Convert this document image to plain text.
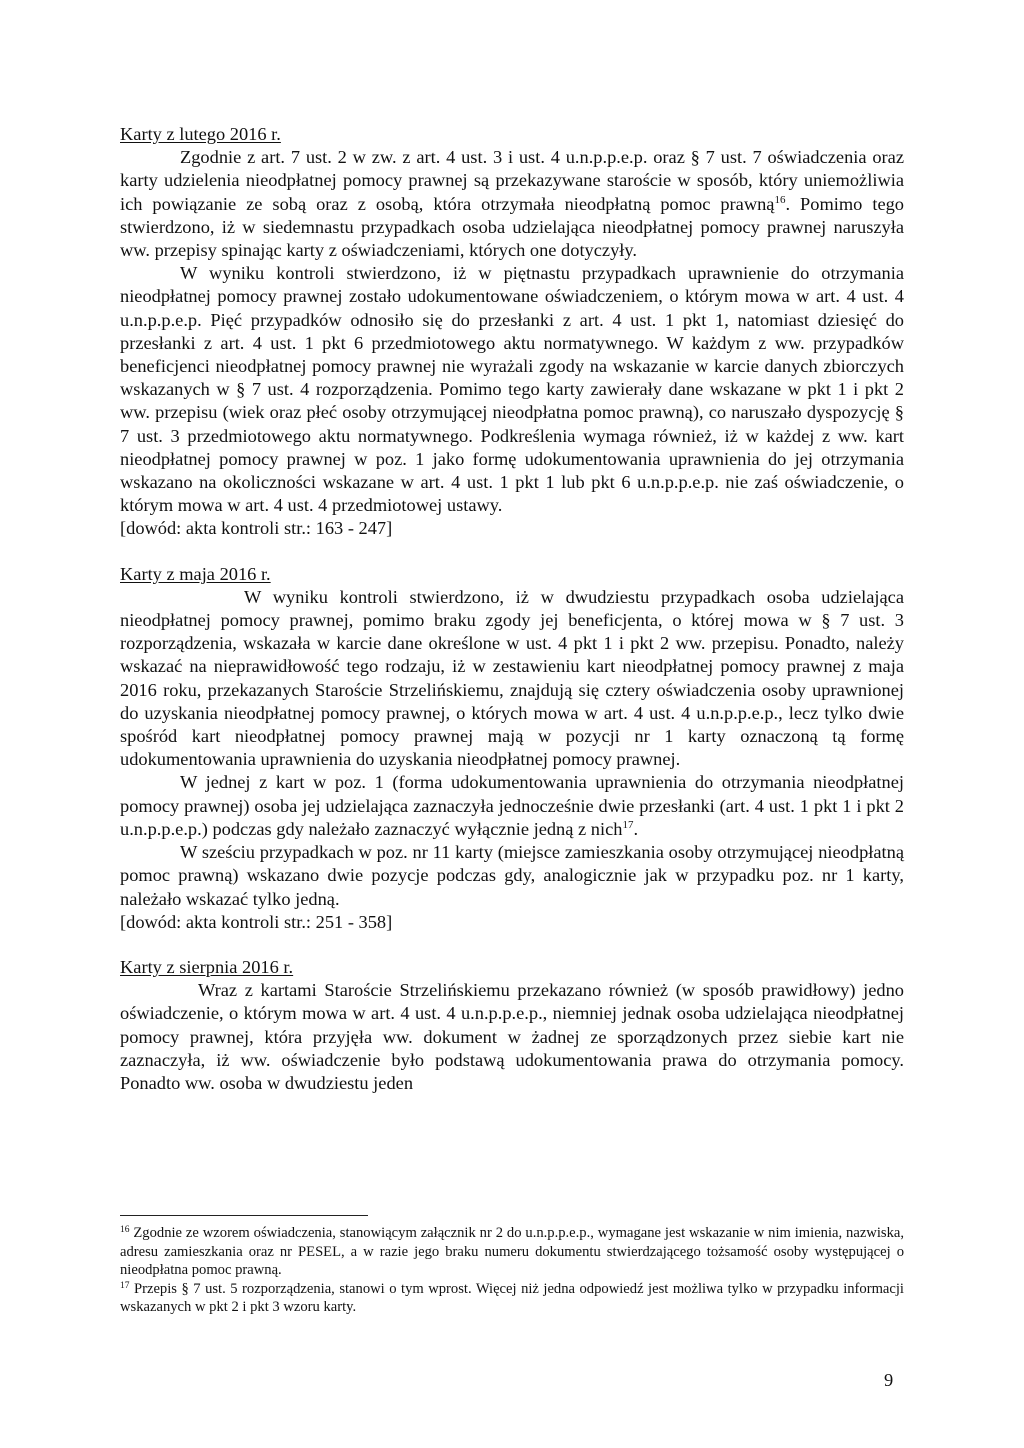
Karty z lutego 2016 r.

Zgodnie z art. 7 ust. 2 w zw. z art. 4 ust. 3 i ust. 4 u.n.p.p.e.p. oraz § 7 ust. 7 oświadczenia oraz karty udzielenia nieodpłatnej pomocy prawnej są przekazywane staroście w sposób, który uniemożliwia ich powiązanie ze sobą oraz z osobą, która otrzymała nieodpłatną pomoc prawną$^{16}$. Pomimo tego stwierdzono, iż w siedemnastu przypadkach osoba udzielająca nieodpłatnej pomocy prawnej naruszyła ww. przepisy spinając karty z oświadczeniami, których one dotyczyły.

W wyniku kontroli stwierdzono, iż w piętnastu przypadkach uprawnienie do otrzymania nieodpłatnej pomocy prawnej zostało udokumentowane oświadczeniem, o którym mowa w art. 4 ust. 4 u.n.p.p.e.p. Pięć przypadków odnosiło się do przesłanki z art. 4 ust. 1 pkt 1, natomiast dziesięć do przesłanki z art. 4 ust. 1 pkt 6 przedmiotowego aktu normatywnego. W każdym z ww. przypadków beneficjenci nieodpłatnej pomocy prawnej nie wyrażali zgody na wskazanie w karcie danych zbiorczych wskazanych w § 7 ust. 4 rozporządzenia. Pomimo tego karty zawierały dane wskazane w pkt 1 i pkt 2 ww. przepisu (wiek oraz płeć osoby otrzymującej nieodpłatna pomoc prawną), co naruszało dyspozycję § 7 ust. 3 przedmiotowego aktu normatywnego. Podkreślenia wymaga również, iż w każdej z ww. kart nieodpłatnej pomocy prawnej w poz. 1 jako formę udokumentowania uprawnienia do jej otrzymania wskazano na okoliczności wskazane w art. 4 ust. 1 pkt 1 lub pkt 6 u.n.p.p.e.p. nie zaś oświadczenie, o którym mowa w art. 4 ust. 4 przedmiotowej ustawy.

[dowód: akta kontroli str.: 163 - 247]

Karty z maja 2016 r.

W wyniku kontroli stwierdzono, iż w dwudziestu przypadkach osoba udzielająca nieodpłatnej pomocy prawnej, pomimo braku zgody jej beneficjenta, o której mowa w § 7 ust. 3 rozporządzenia, wskazała w karcie dane określone w ust. 4 pkt 1 i pkt 2 ww. przepisu. Ponadto, należy wskazać na nieprawidłowość tego rodzaju, iż w zestawieniu kart nieodpłatnej pomocy prawnej z maja 2016 roku, przekazanych Staroście Strzelińskiemu, znajdują się cztery oświadczenia osoby uprawnionej do uzyskania nieodpłatnej pomocy prawnej, o których mowa w art. 4 ust. 4 u.n.p.p.e.p., lecz tylko dwie spośród kart nieodpłatnej pomocy prawnej mają w pozycji nr 1 karty oznaczoną tą formę udokumentowania uprawnienia do uzyskania nieodpłatnej pomocy prawnej.

W jednej z kart w poz. 1 (forma udokumentowania uprawnienia do otrzymania nieodpłatnej pomocy prawnej) osoba jej udzielająca zaznaczyła jednocześnie dwie przesłanki (art. 4 ust. 1 pkt 1 i pkt 2 u.n.p.p.e.p.) podczas gdy należało zaznaczyć wyłącznie jedną z nich$^{17}$.

W sześciu przypadkach w poz. nr 11 karty (miejsce zamieszkania osoby otrzymującej nieodpłatną pomoc prawną) wskazano dwie pozycje podczas gdy, analogicznie jak w przypadku poz. nr 1 karty, należało wskazać tylko jedną.

[dowód: akta kontroli str.: 251 - 358]

Karty z sierpnia 2016 r.

Wraz z kartami Staroście Strzelińskiemu przekazano również (w sposób prawidłowy) jedno oświadczenie, o którym mowa w art. 4 ust. 4 u.n.p.p.e.p., niemniej jednak osoba udzielająca nieodpłatnej pomocy prawnej, która przyjęła ww. dokument w żadnej ze sporządzonych przez siebie kart nie zaznaczyła, iż ww. oświadczenie było podstawą udokumentowania prawa do otrzymania pomocy. Ponadto ww. osoba w dwudziestu jeden

$^{16}$ Zgodnie ze wzorem oświadczenia, stanowiącym załącznik nr 2 do u.n.p.p.e.p., wymagane jest wskazanie w nim imienia, nazwiska, adresu zamieszkania oraz nr PESEL, a w razie jego braku numeru dokumentu stwierdzającego tożsamość osoby występującej o nieodpłatna pomoc prawną.

$^{17}$ Przepis § 7 ust. 5 rozporządzenia, stanowi o tym wprost. Więcej niż jedna odpowiedź jest możliwa tylko w przypadku informacji wskazanych w pkt 2 i pkt 3 wzoru karty.

9
